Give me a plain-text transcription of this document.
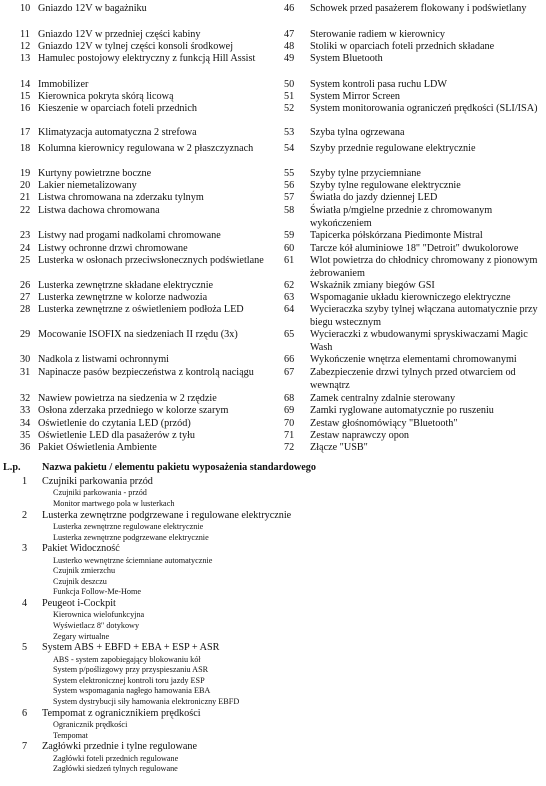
10 Gniazdo 12V w bagażniku
11 Gniazdo 12V w przedniej części kabiny
12 Gniazdo 12V w tylnej części konsoli środkowej
13 Hamulec postojowy elektryczny z funkcją Hill Assist
14 Immobilizer
15 Kierownica pokryta skórą licową
16 Kieszenie w oparciach foteli przednich
17 Klimatyzacja automatyczna 2 strefowa
18 Kolumna kierownicy regulowana w 2 płaszczyznach
19 Kurtyny powietrzne boczne
20 Lakier niemetalizowany
21 Listwa chromowana na zderzaku tylnym
22 Listwa dachowa chromowana
23 Listwy nad progami nadkolami chromowane
24 Listwy ochronne drzwi chromowane
25 Lusterka w osłonach przeciwsłonecznych podświetlane
26 Lusterka zewnętrzne składane elektrycznie
27 Lusterka zewnętrzne w kolorze nadwozia
28 Lusterka zewnętrzne z oświetleniem podłoża LED
29 Mocowanie ISOFIX na siedzeniach II rzędu (3x)
30 Nadkola z listwami ochronnymi
31 Napinacze pasów bezpieczeństwa z kontrolą naciągu
32 Nawiew powietrza na siedzenia w 2 rzędzie
33 Osłona zderzaka przedniego w kolorze szarym
34 Oświetlenie do czytania LED (przód)
35 Oświetlenie LED dla pasażerów z tyłu
36 Pakiet Oświetlenia Ambiente
46	Schowek przed pasażerem flokowany i podświetlany
47	Sterowanie radiem w kierownicy
48	Stoliki w oparciach foteli przednich składane
49	System Bluetooth
50	System kontroli pasa ruchu LDW
51	System Mirror Screen
52	System monitorowania ograniczeń prędkości (SLI/ISA)
53	Szyba tylna ogrzewana
54	Szyby przednie regulowane elektrycznie
55	Szyby tylne przyciemniane
56	Szyby tylne regulowane elektrycznie
57	Światła do jazdy dziennej LED
58	Światła p/mgielne przednie z chromowanym wykończeniem
59	Tapicerka półskórzana Piedimonte Mistral
60	Tarcze kół aluminiowe 18" "Detroit" dwukolorowe
61	Wlot powietrza do chłodnicy chromowany z pionowym żebrowaniem
62	Wskaźnik zmiany biegów GSI
63	Wspomaganie układu kierowniczego elektryczne
64	Wycieraczka szyby tylnej włączana automatycznie przy biegu wstecznym
65	Wycieraczki z wbudowanymi spryskiwaczami Magic Wash
66	Wykończenie wnętrza elementami chromowanymi
67	Zabezpieczenie drzwi tylnych przed otwarciem od wewnątrz
68	Zamek centralny zdalnie sterowany
69	Zamki ryglowane automatycznie po ruszeniu
70	Zestaw głośnomówiący "Bluetooth"
71	Zestaw naprawczy opon
72	Złącze "USB"
L.p. Nazwa pakietu / elementu pakietu wyposażenia standardowego
1	Czujniki parkowania przód
Czujniki parkowania - przód
Monitor martwego pola w lusterkach
2	Lusterka zewnętrzne podgrzewane i regulowane elektrycznie
Lusterka zewnętrzne regulowane elektrycznie
Lusterka zewnętrzne podgrzewane elektrycznie
3	Pakiet Widoczność
Lusterko wewnętrzne ściemniane automatycznie
Czujnik zmierzchu
Czujnik deszczu
Funkcja Follow-Me-Home
4	Peugeot i-Cockpit
Kierownica wielofunkcyjna
Wyświetlacz 8" dotykowy
Zegary wirtualne
5	System ABS + EBFD + EBA + ESP + ASR
ABS - system zapobiegający blokowaniu kół
System p/poślizgowy przy przyspieszaniu ASR
System elektronicznej kontroli toru jazdy ESP
System wspomagania nagłego hamowania EBA
System dystrybucji siły hamowania elektroniczny EBFD
6	Tempomat z ogranicznikiem prędkości
Ogranicznik prędkości
Tempomat
7	Zagłówki przednie i tylne regulowane
Zagłówki foteli przednich regulowane
Zagłówki siedzeń tylnych regulowane
